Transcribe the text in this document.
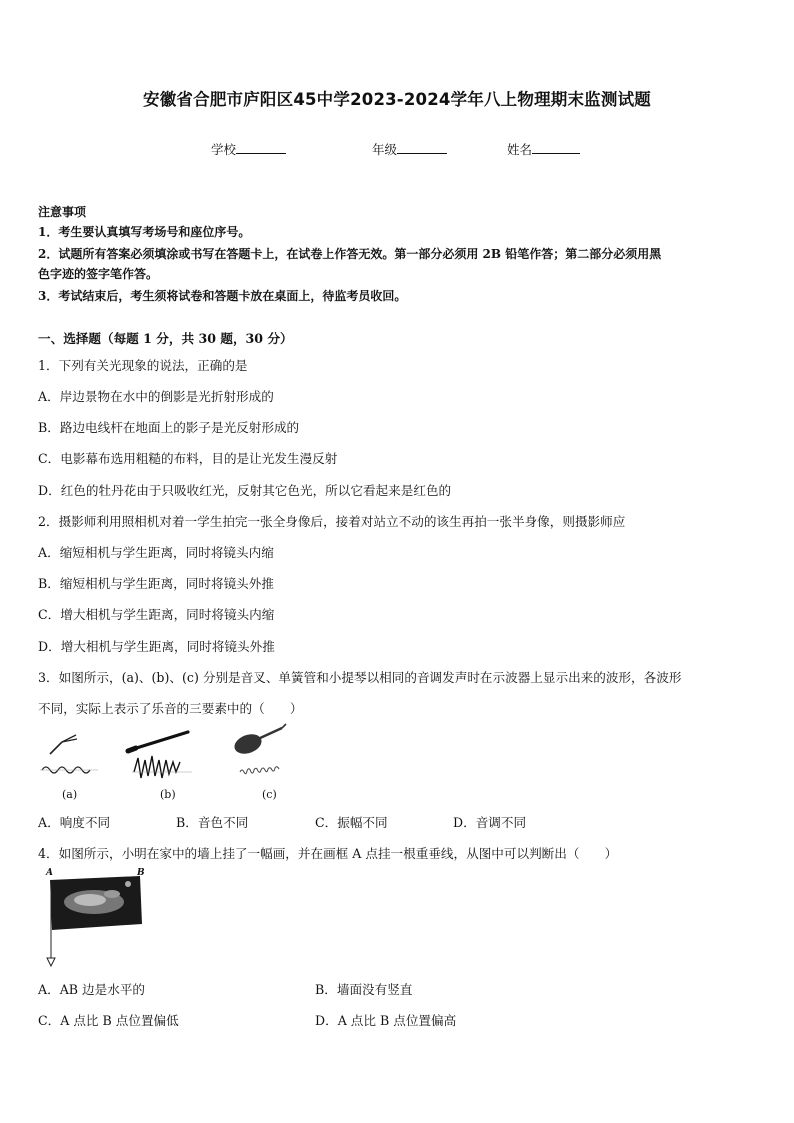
安徽省合肥市庐阳区45中学2023-2024学年八上物理期末监测试题
学校	年级	姓名
注意事项
1．考生要认真填写考场号和座位序号。
2．试题所有答案必须填涂或书写在答题卡上，在试卷上作答无效。第一部分必须用 2B 铅笔作答；第二部分必须用黑
色字迹的签字笔作答。
3．考试结束后，考生须将试卷和答题卡放在桌面上，待监考员收回。
一、选择题（每题 1 分，共 30 题，30 分）
1．下列有关光现象的说法，正确的是
A．岸边景物在水中的倒影是光折射形成的
B．路边电线杆在地面上的影子是光反射形成的
C．电影幕布选用粗糙的布料，目的是让光发生漫反射
D．红色的牡丹花由于只吸收红光，反射其它色光，所以它看起来是红色的
2．摄影师利用照相机对着一学生拍完一张全身像后，接着对站立不动的该生再拍一张半身像，则摄影师应
A．缩短相机与学生距离，同时将镜头内缩
B．缩短相机与学生距离，同时将镜头外推
C．增大相机与学生距离，同时将镜头内缩
D．增大相机与学生距离，同时将镜头外推
3．如图所示，(a)、(b)、(c) 分别是音叉、单簧管和小提琴以相同的音调发声时在示波器上显示出来的波形，各波形
不同，实际上表示了乐音的三要素中的（　　）
(a)	(b)	(c)
A．响度不同	B．音色不同	C．振幅不同	D．音调不同
4．如图所示，小明在家中的墙上挂了一幅画，并在画框 A 点挂一根重垂线，从图中可以判断出（　　）
A	B
A．AB 边是水平的	B．墙面没有竖直
C．A 点比 B 点位置偏低	D．A 点比 B 点位置偏高
